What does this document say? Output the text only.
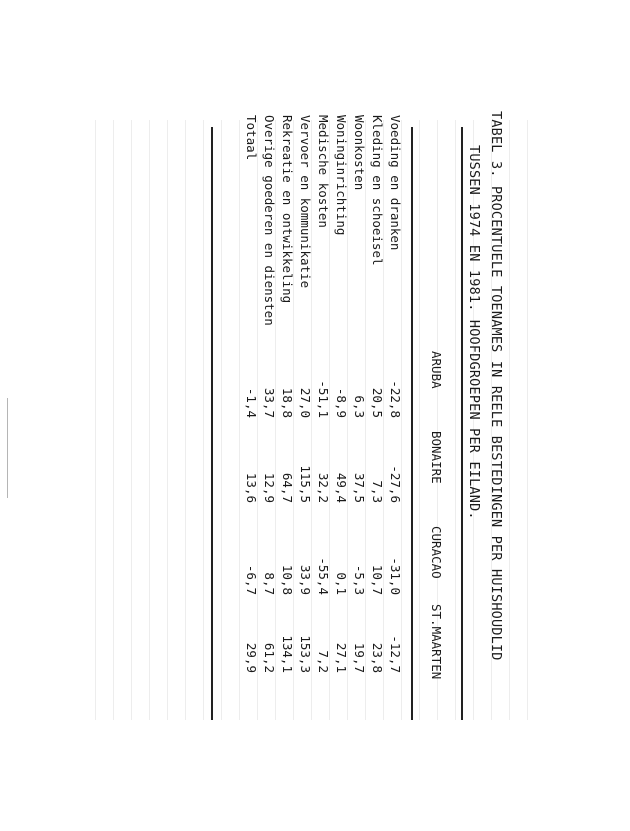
TABEL 3. PROCENTUELE TOENAMES IN REELE BESTEDINGEN PER HUISHOUDLID
TUSSEN 1974 EN 1981. HOOFDGROEPEN PER EILAND.
ARUBA
BONAIRE
CURACAO
ST.MAARTEN
Voeding en dranken
-22,8
-27,6
-31,0
-12,7
Kleding en schoeisel
20,5
7,3
10,7
23,8
Woonkosten
6,3
37,5
-5,3
19,7
Woninginrichting
-8,9
49,4
0,1
27,1
Medische kosten
-51,1
32,2
-55,4
7,2
Vervoer en kommunikatie
27,0
115,5
33,9
153,3
Rekreatie en ontwikkeling
18,8
64,7
10,8
134,1
Overige goederen en diensten
33,7
12,9
8,7
61,2
Totaal
-1,4
13,6
-6,7
29,9
